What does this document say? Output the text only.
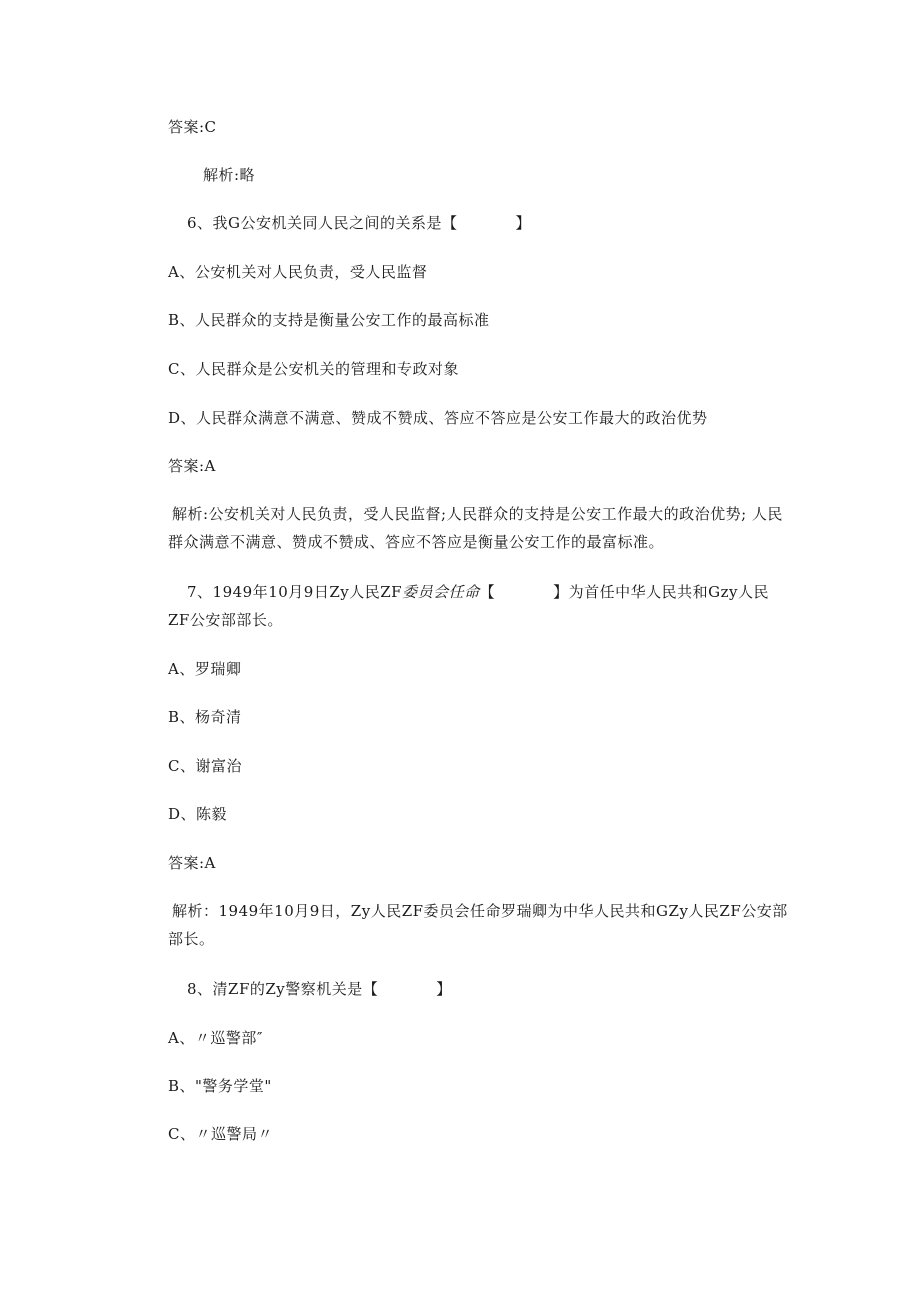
答案:C
解析:略
6、我G公安机关同人民之间的关系是【	】
A、公安机关对人民负责，受人民监督
B、人民群众的支持是衡量公安工作的最高标准
C、人民群众是公安机关的管理和专政对象
D、人民群众满意不满意、赞成不赞成、答应不答应是公安工作最大的政治优势
答案:A
解析:公安机关对人民负责，受人民监督;人民群众的支持是公安工作最大的政治优势; 人民群众满意不满意、赞成不赞成、答应不答应是衡量公安工作的最富标准。
7、1949年10月9日Zy人民ZF委员会任命【	】为首任中华人民共和Gzy人民
ZF公安部部长。
A、罗瑞卿
B、杨奇清
C、谢富治
D、陈毅
答案:A
解析：1949年10月9日，Zy人民ZF委员会任命罗瑞卿为中华人民共和GZy人民ZF公安部部长。
8、清ZF的Zy警察机关是【	】
A、〃巡警部″
B、"警务学堂"
C、〃巡警局〃
